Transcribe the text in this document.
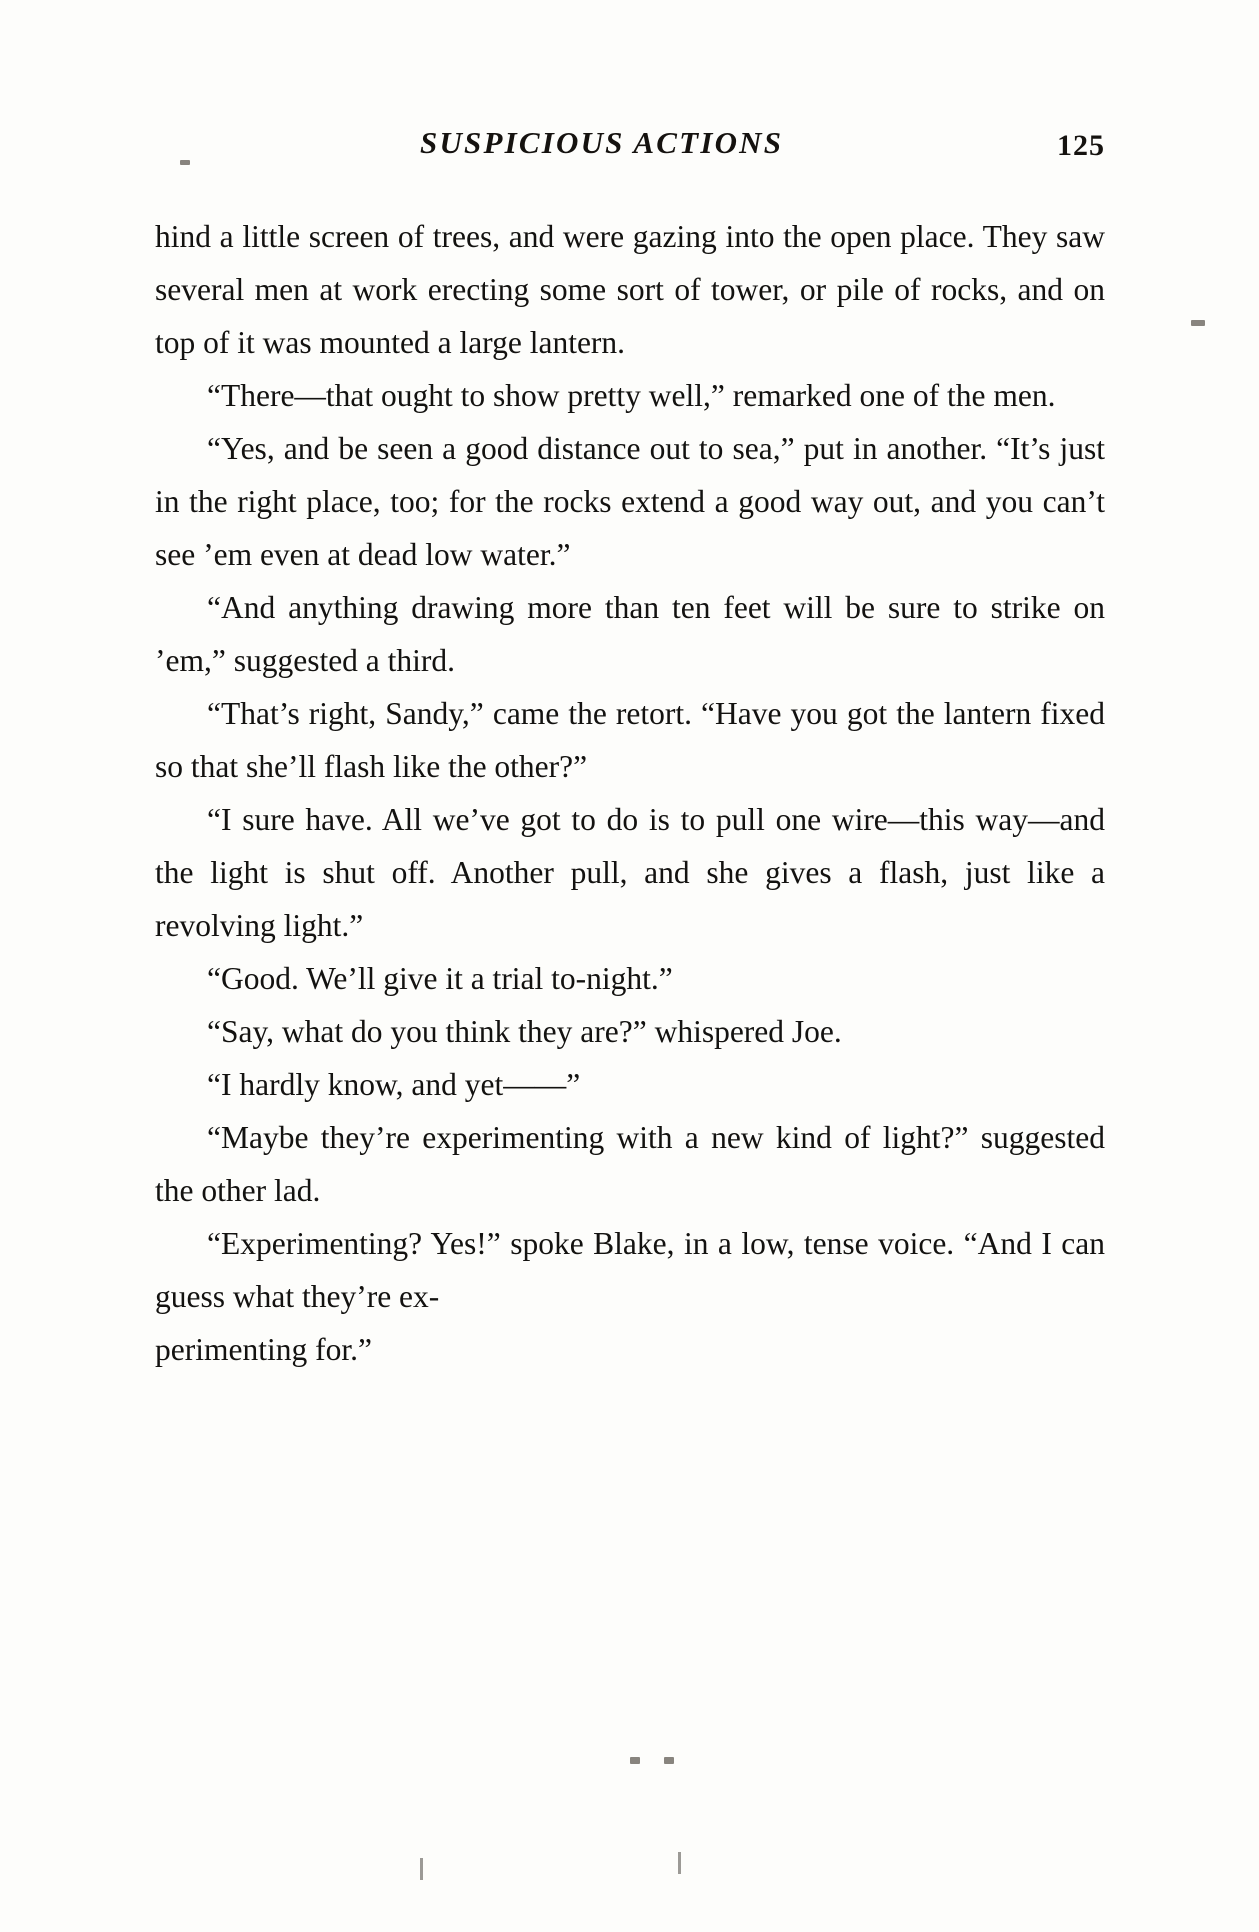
SUSPICIOUS ACTIONS	125

hind a little screen of trees, and were gazing into the open place. They saw several men at work erecting some sort of tower, or pile of rocks, and on top of it was mounted a large lantern.

“There—that ought to show pretty well,” remarked one of the men.

“Yes, and be seen a good distance out to sea,” put in another. “It’s just in the right place, too; for the rocks extend a good way out, and you can’t see ’em even at dead low water.”

“And anything drawing more than ten feet will be sure to strike on ’em,” suggested a third.

“That’s right, Sandy,” came the retort. “Have you got the lantern fixed so that she’ll flash like the other?”

“I sure have. All we’ve got to do is to pull one wire—this way—and the light is shut off. Another pull, and she gives a flash, just like a revolving light.”

“Good. We’ll give it a trial to-night.”

“Say, what do you think they are?” whispered Joe.

“I hardly know, and yet——”

“Maybe they’re experimenting with a new kind of light?” suggested the other lad.

“Experimenting? Yes!” spoke Blake, in a low, tense voice. “And I can guess what they’re ex-

perimenting for.”
